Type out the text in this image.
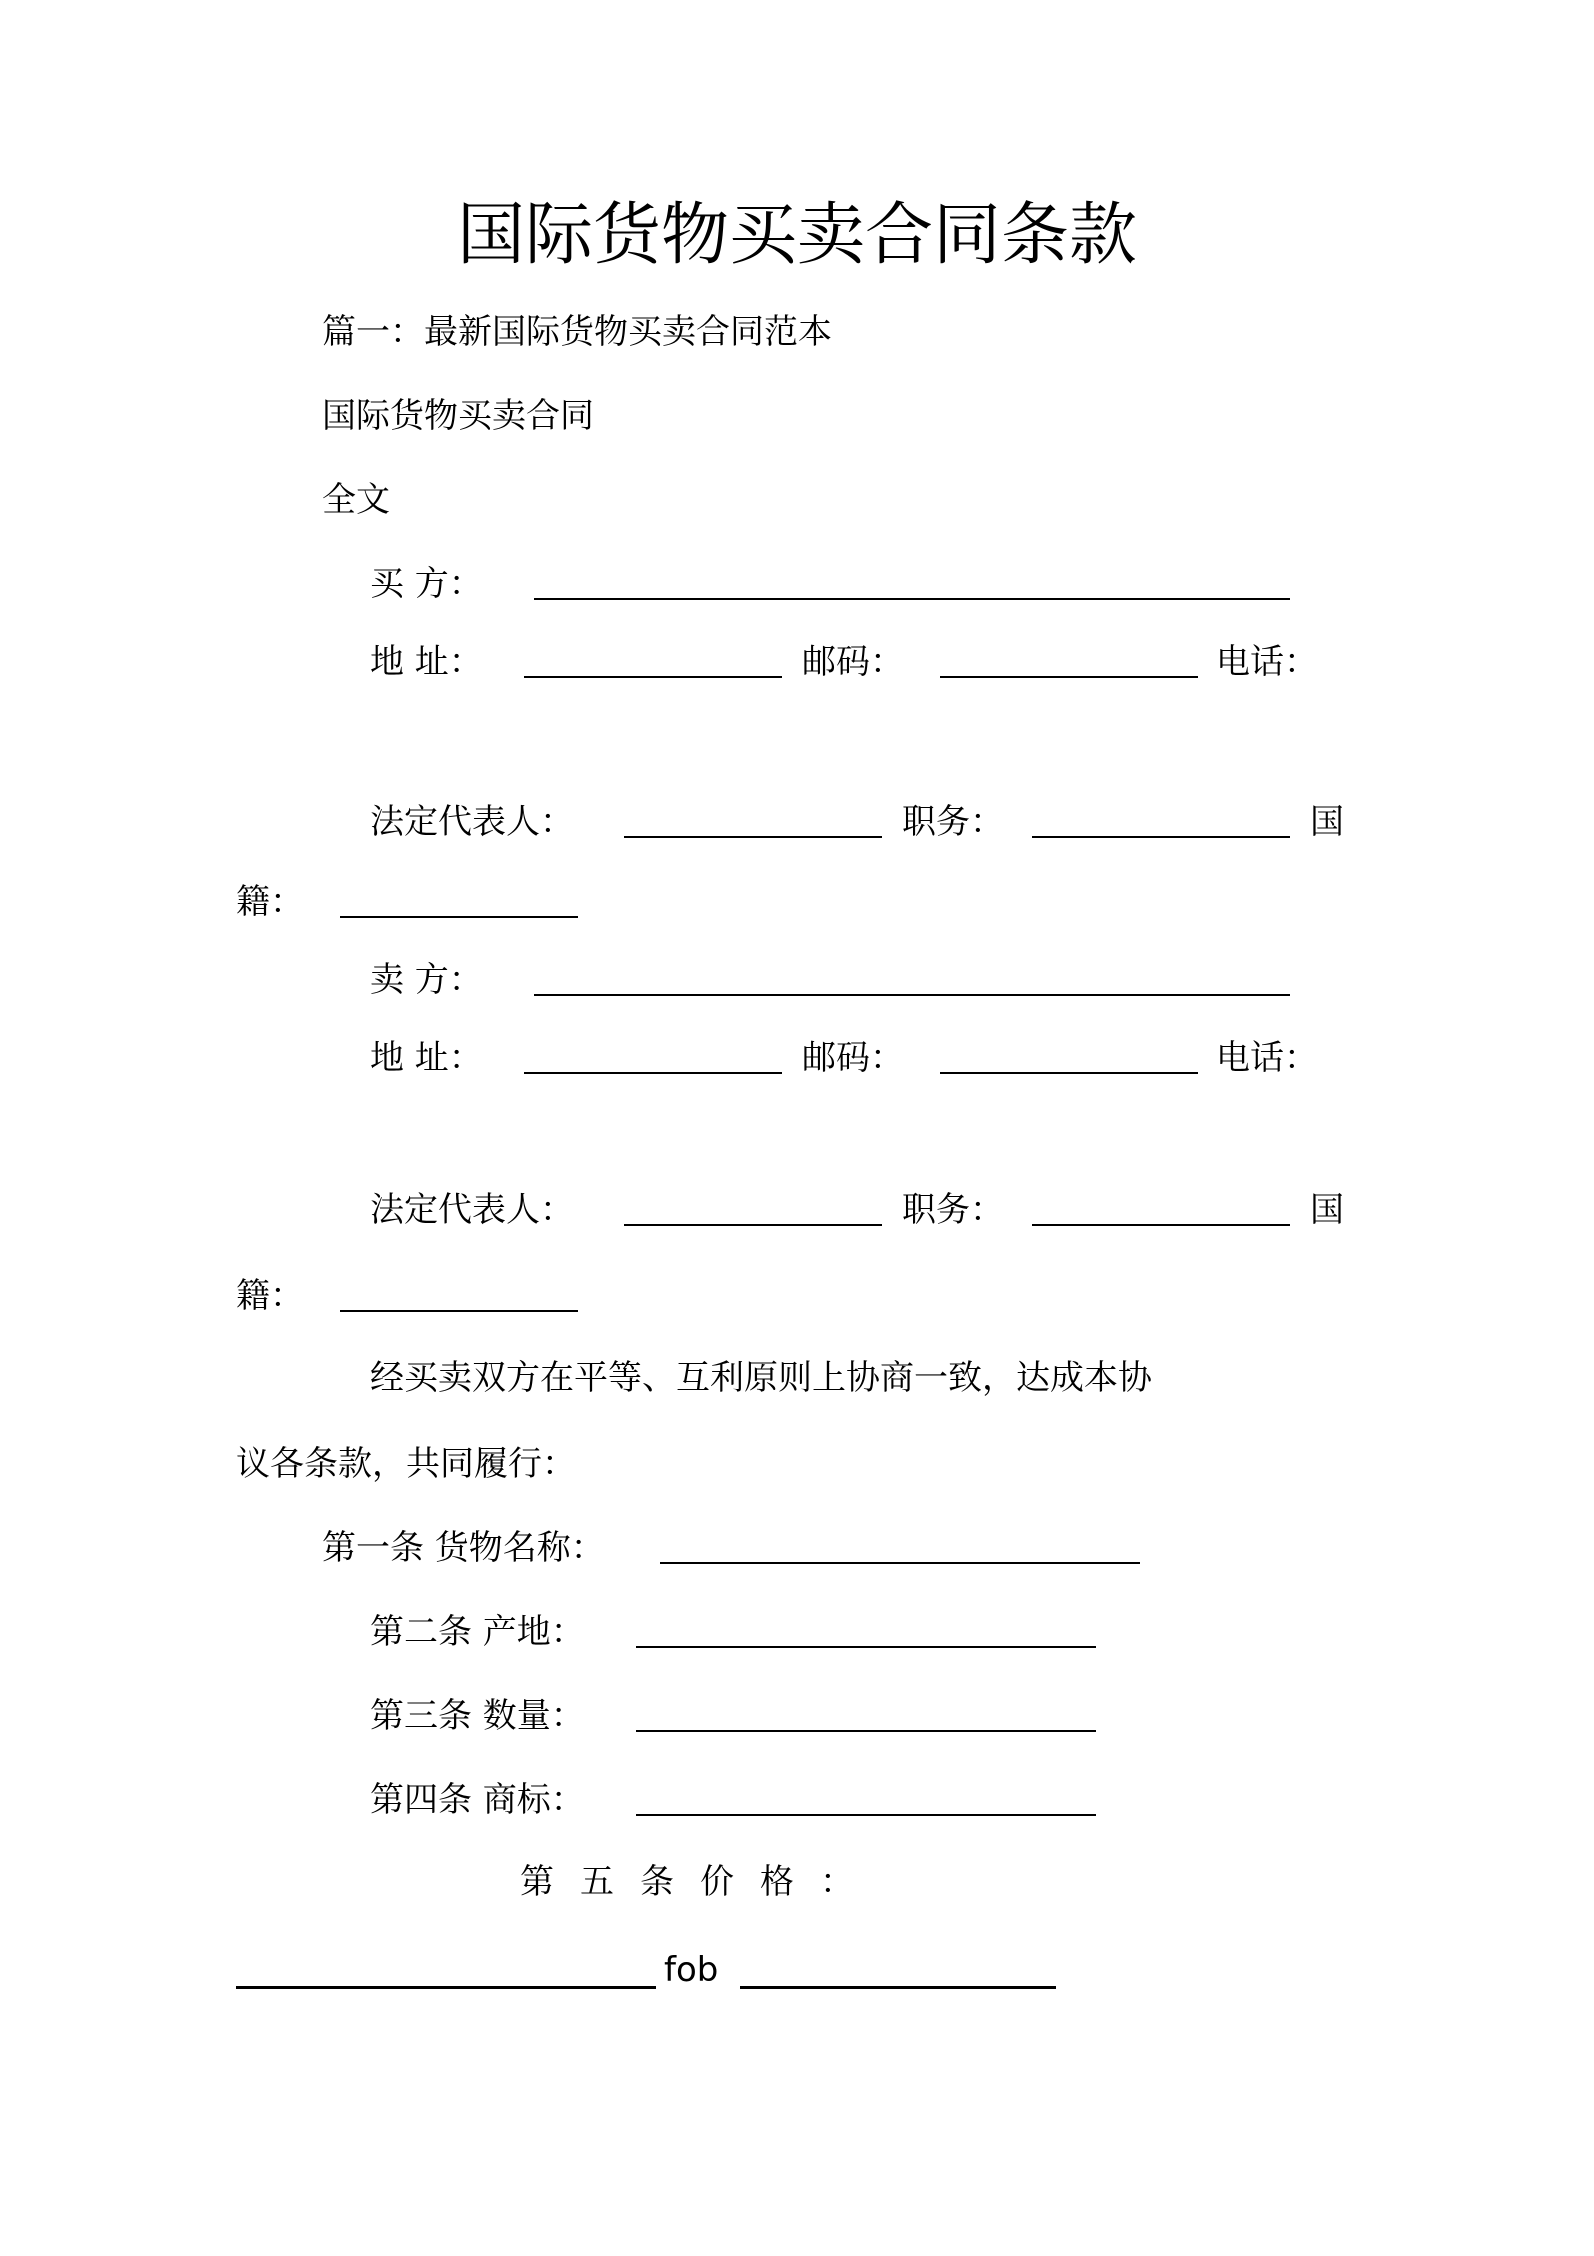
国际货物买卖合同条款
篇一：最新国际货物买卖合同范本
国际货物买卖合同
全文
买 方：
地 址：	邮码：	电话：
法定代表人：	职务：	国
籍：
卖 方：
地 址：	邮码：	电话：
法定代表人：	职务：	国
籍：
经买卖双方在平等、互利原则上协商一致，达成本协
议各条款，共同履行：
第一条 货物名称：
第二条 产地：
第三条 数量：
第四条 商标：
第五条价格：
fob
